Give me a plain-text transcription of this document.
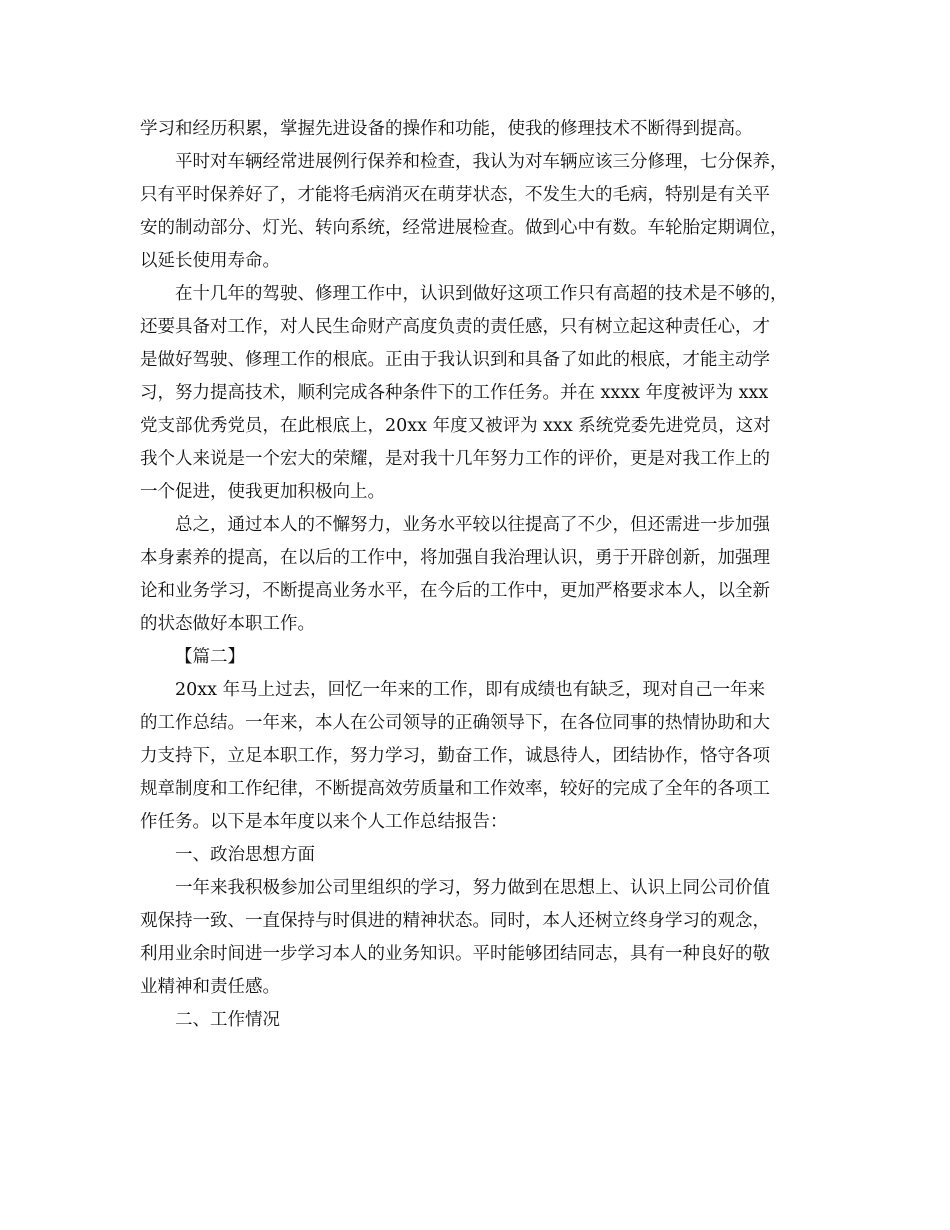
学习和经历积累，掌握先进设备的操作和功能，使我的修理技术不断得到提高。
平时对车辆经常进展例行保养和检查，我认为对车辆应该三分修理，七分保养，
只有平时保养好了，才能将毛病消灭在萌芽状态，不发生大的毛病，特别是有关平
安的制动部分、灯光、转向系统，经常进展检查。做到心中有数。车轮胎定期调位，
以延长使用寿命。
在十几年的驾驶、修理工作中，认识到做好这项工作只有高超的技术是不够的，
还要具备对工作，对人民生命财产高度负责的责任感，只有树立起这种责任心，才
是做好驾驶、修理工作的根底。正由于我认识到和具备了如此的根底，才能主动学
习，努力提高技术，顺利完成各种条件下的工作任务。并在 xxxx 年度被评为 xxx
党支部优秀党员，在此根底上，20xx 年度又被评为 xxx 系统党委先进党员，这对
我个人来说是一个宏大的荣耀，是对我十几年努力工作的评价，更是对我工作上的
一个促进，使我更加积极向上。
总之，通过本人的不懈努力，业务水平较以往提高了不少，但还需进一步加强
本身素养的提高，在以后的工作中，将加强自我治理认识，勇于开辟创新，加强理
论和业务学习，不断提高业务水平，在今后的工作中，更加严格要求本人，以全新
的状态做好本职工作。
【篇二】
20xx 年马上过去，回忆一年来的工作，即有成绩也有缺乏，现对自己一年来
的工作总结。一年来，本人在公司领导的正确领导下，在各位同事的热情协助和大
力支持下，立足本职工作，努力学习，勤奋工作，诚恳待人，团结协作，恪守各项
规章制度和工作纪律，不断提高效劳质量和工作效率，较好的完成了全年的各项工
作任务。以下是本年度以来个人工作总结报告：
一、政治思想方面
一年来我积极参加公司里组织的学习，努力做到在思想上、认识上同公司价值
观保持一致、一直保持与时俱进的精神状态。同时，本人还树立终身学习的观念，
利用业余时间进一步学习本人的业务知识。平时能够团结同志，具有一种良好的敬
业精神和责任感。
二、工作情况
